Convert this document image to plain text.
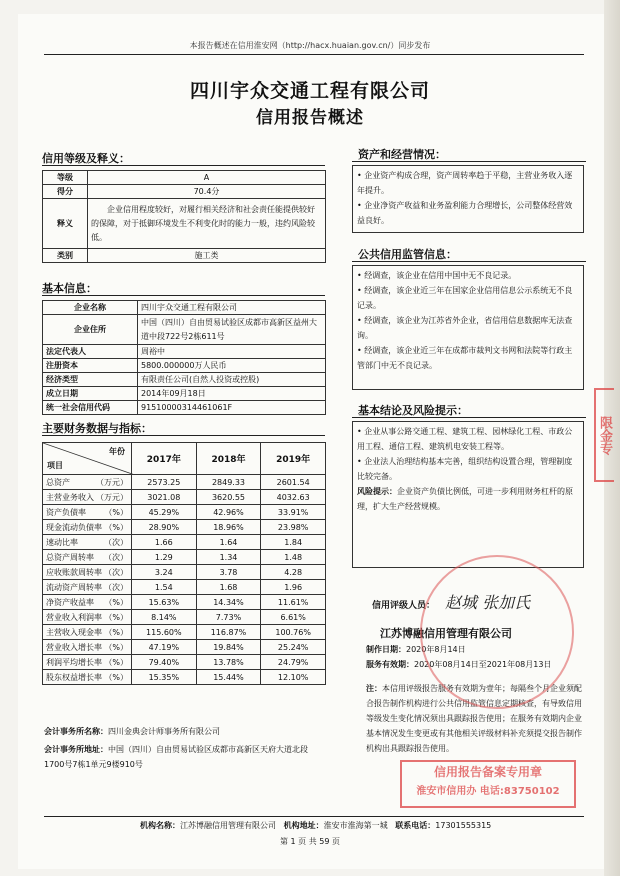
本报告概述在信用淮安网（http://hacx.huaian.gov.cn/）同步发布
四川宇众交通工程有限公司
信用报告概述
信用等级及释义：
等级	A
得分	70.4分
释义	企业信用程度较好，对履行相关经济和社会责任能提供较好的保障，对于抵御环境发生不利变化时的能力一般，违约风险较低。
类别	施工类
基本信息：
企业名称	四川宇众交通工程有限公司
企业住所	中国（四川）自由贸易试验区成都市高新区益州大道中段722号2栋611号
法定代表人	周裕中
注册资本	5800.000000万人民币
经济类型	有限责任公司(自然人投资或控股)
成立日期	2014年09月18日
统一社会信用代码	91510000314461061F
主要财务数据与指标：
年份
项目	2017年	2018年	2019年
总资产 （万元）	2573.25	2849.33	2601.54
主营业务收入 （万元）	3021.08	3620.55	4032.63
资产负债率 （%）	45.29%	42.96%	33.91%
现金流动负债率 （%）	28.90%	18.96%	23.98%
速动比率 （次）	1.66	1.64	1.84
总资产周转率 （次）	1.29	1.34	1.48
应收账款周转率 （次）	3.24	3.78	4.28
流动资产周转率 （次）	1.54	1.68	1.96
净资产收益率 （%）	15.63%	14.34%	11.61%
营业收入利润率 （%）	8.14%	7.73%	6.61%
主营收入现金率 （%）	115.60%	116.87%	100.76%
营业收入增长率 （%）	47.19%	19.84%	25.24%
利润平均增长率 （%）	79.40%	13.78%	24.79%
股东权益增长率 （%）	15.35%	15.44%	12.10%
会计事务所名称：四川金典会计师事务所有限公司
会计事务所地址：中国（四川）自由贸易试验区成都市高新区天府大道北段1700号7栋1单元9楼910号
资产和经营情况：

• 企业资产构成合理，资产周转率趋于平稳，主营业务收入逐年提升。

• 企业净资产收益和业务盈利能力合理增长，公司整体经营效益良好。

公共信用监管信息：

• 经调查，该企业在信用中国中无不良记录。

• 经调查，该企业近三年在国家企业信用信息公示系统无不良记录。

• 经调查，该企业为江苏省外企业，省信用信息数据库无法查询。

• 经调查，该企业近三年在成都市裁判文书网和法院等行政主管部门中无不良记录。

基本结论及风险提示：

• 企业从事公路交通工程、建筑工程、园林绿化工程、市政公用工程、通信工程、建筑机电安装工程等。

• 企业法人治理结构基本完善，组织结构设置合理，管理制度比较完备。

风险提示：企业资产负债比例低，可进一步利用财务杠杆的原理，扩大生产经营规模。

信用评级人员： 赵城 张加氏
江苏博融信用管理有限公司
制作日期：2020年8月14日
服务有效期：2020年08月14日至2021年08月13日
注：本信用评级报告服务有效期为壹年；每隔叁个月企业须配合报告制作机构进行公共信用监管信息定期核查，有导致信用等级发生变化情况须出具跟踪报告使用；在服务有效期内企业基本情况发生变更或有其他相关评级材料补充须提交报告制作机构出具跟踪报告使用。
信用报告备案专用章
淮安市信用办 电话:83750102
限金专
机构名称：江苏博融信用管理有限公司 机构地址：淮安市淮海第一城 联系电话：17301555315
第 1 页 共 59 页
